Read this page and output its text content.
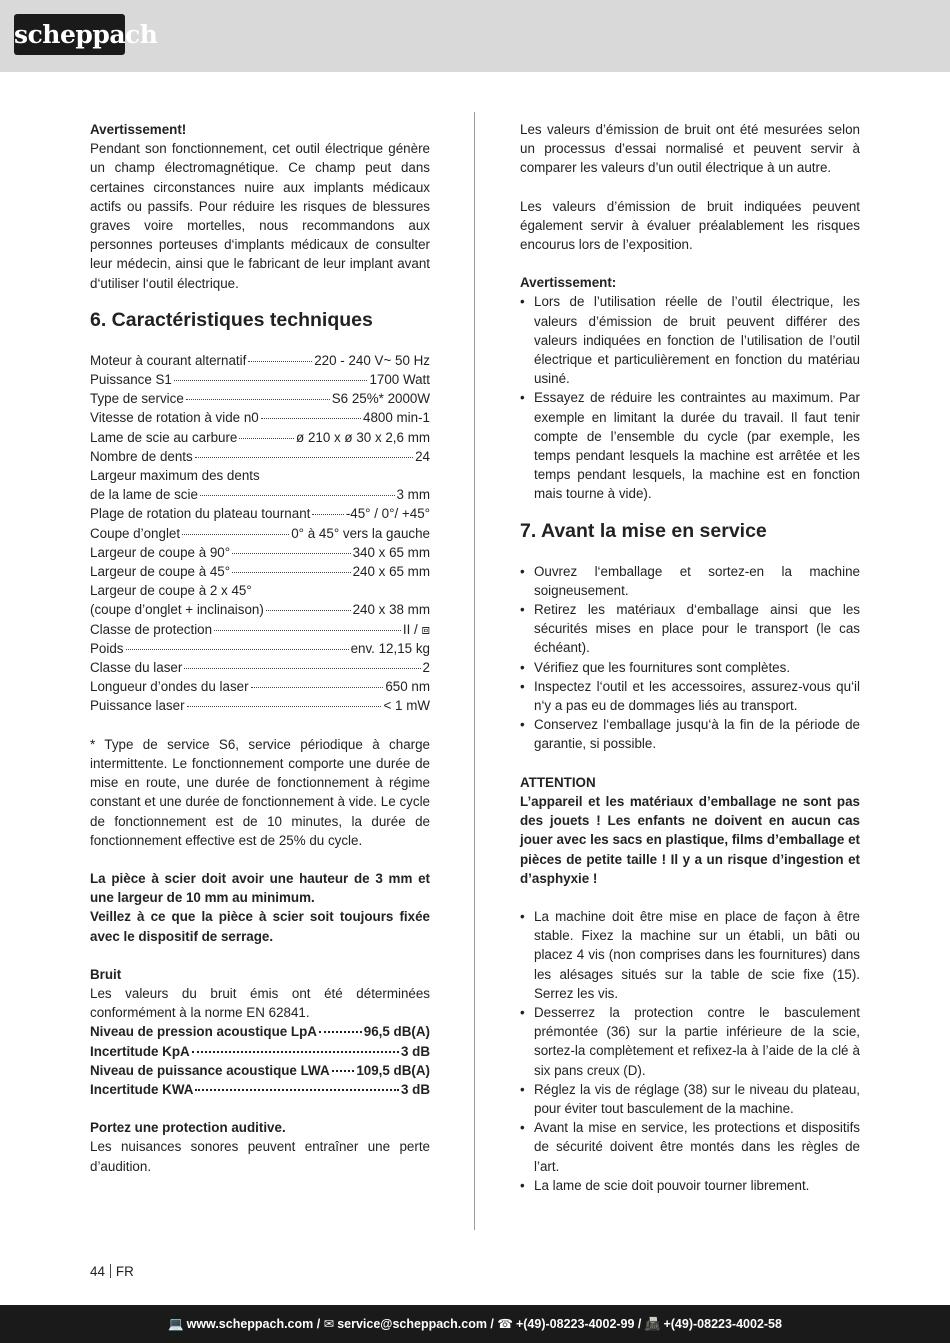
scheppach

Avertissement!

Pendant son fonctionnement, cet outil électrique génère un champ électromagnétique. Ce champ peut dans certaines circonstances nuire aux implants médicaux actifs ou passifs. Pour réduire les risques de blessures graves voire mortelles, nous recommandons aux personnes porteuses d‘implants médicaux de consulter leur médecin, ainsi que le fabricant de leur implant avant d‘utiliser l‘outil électrique.

6. Caractéristiques techniques
Moteur à courant alternatif	220 - 240 V~ 50 Hz
Puissance S1	1700 Watt
Type de service	S6 25%* 2000W
Vitesse de rotation à vide n0	4800 min-1
Lame de scie au carbure	ø 210 x ø 30 x 2,6 mm
Nombre de dents	24
Largeur maximum des dents
de la lame de scie	3 mm
Plage de rotation du plateau tournant	-45° / 0°/ +45°
Coupe d’onglet	0° à 45° vers la gauche
Largeur de coupe à 90°	340 x 65 mm
Largeur de coupe à 45°	240 x 65 mm
Largeur de coupe à 2 x 45°
(coupe d’onglet + inclinaison)	240 x 38 mm
Classe de protection	II / ⧈
Poids	env. 12,15 kg
Classe du laser	2
Longueur d’ondes du laser	650 nm
Puissance laser	< 1 mW

* Type de service S6, service périodique à charge intermittente. Le fonctionnement comporte une durée de mise en route, une durée de fonctionnement à régime constant et une durée de fonctionnement à vide. Le cycle de fonctionnement est de 10 minutes, la durée de fonctionnement effective est de 25% du cycle.

La pièce à scier doit avoir une hauteur de 3 mm et une largeur de 10 mm au minimum.

Veillez à ce que la pièce à scier soit toujours fixée avec le dispositif de serrage.

Bruit

Les valeurs du bruit émis ont été déterminées conformément à la norme EN 62841.

Niveau de pression acoustique LpA	96,5 dB(A)
Incertitude KpA	3 dB
Niveau de puissance acoustique LWA 109,5 dB(A)
Incertitude KWA	3 dB

Portez une protection auditive.

Les nuisances sonores peuvent entraîner une perte d’audition.

Les valeurs d’émission de bruit ont été mesurées selon un processus d’essai normalisé et peuvent servir à comparer les valeurs d’un outil électrique à un autre.

Les valeurs d’émission de bruit indiquées peuvent également servir à évaluer préalablement les risques encourus lors de l’exposition.

Avertissement:

• Lors de l’utilisation réelle de l’outil électrique, les valeurs d’émission de bruit peuvent différer des valeurs indiquées en fonction de l’utilisation de l’outil électrique et particulièrement en fonction du matériau usiné.
• Essayez de réduire les contraintes au maximum. Par exemple en limitant la durée du travail. Il faut tenir compte de l’ensemble du cycle (par exemple, les temps pendant lesquels la machine est arrêtée et les temps pendant lesquels, la machine est en fonction mais tourne à vide).
7. Avant la mise en service
• Ouvrez l‘emballage et sortez-en la machine soigneusement.
• Retirez les matériaux d‘emballage ainsi que les sécurités mises en place pour le transport (le cas échéant).
• Vérifiez que les fournitures sont complètes.
• Inspectez l‘outil et les accessoires, assurez-vous qu‘il n‘y a pas eu de dommages liés au transport.
• Conservez l‘emballage jusqu‘à la fin de la période de garantie, si possible.

ATTENTION

L’appareil et les matériaux d’emballage ne sont pas des jouets ! Les enfants ne doivent en aucun cas jouer avec les sacs en plastique, films d’emballage et pièces de petite taille ! Il y a un risque d’ingestion et d’asphyxie !

• La machine doit être mise en place de façon à être stable. Fixez la machine sur un établi, un bâti ou placez 4 vis (non comprises dans les fournitures) dans les alésages situés sur la table de scie fixe (15). Serrez les vis.
• Desserrez la protection contre le basculement prémontée (36) sur la partie inférieure de la scie, sortez-la complètement et refixez-la à l’aide de la clé à six pans creux (D).
• Réglez la vis de réglage (38) sur le niveau du plateau, pour éviter tout basculement de la machine.
• Avant la mise en service, les protections et dispositifs de sécurité doivent être montés dans les règles de l’art.
• La lame de scie doit pouvoir tourner librement.
44 FR
💻 www.scheppach.com / ✉ service@scheppach.com / ☎ +(49)-08223-4002-99 / 📠 +(49)-08223-4002-58
